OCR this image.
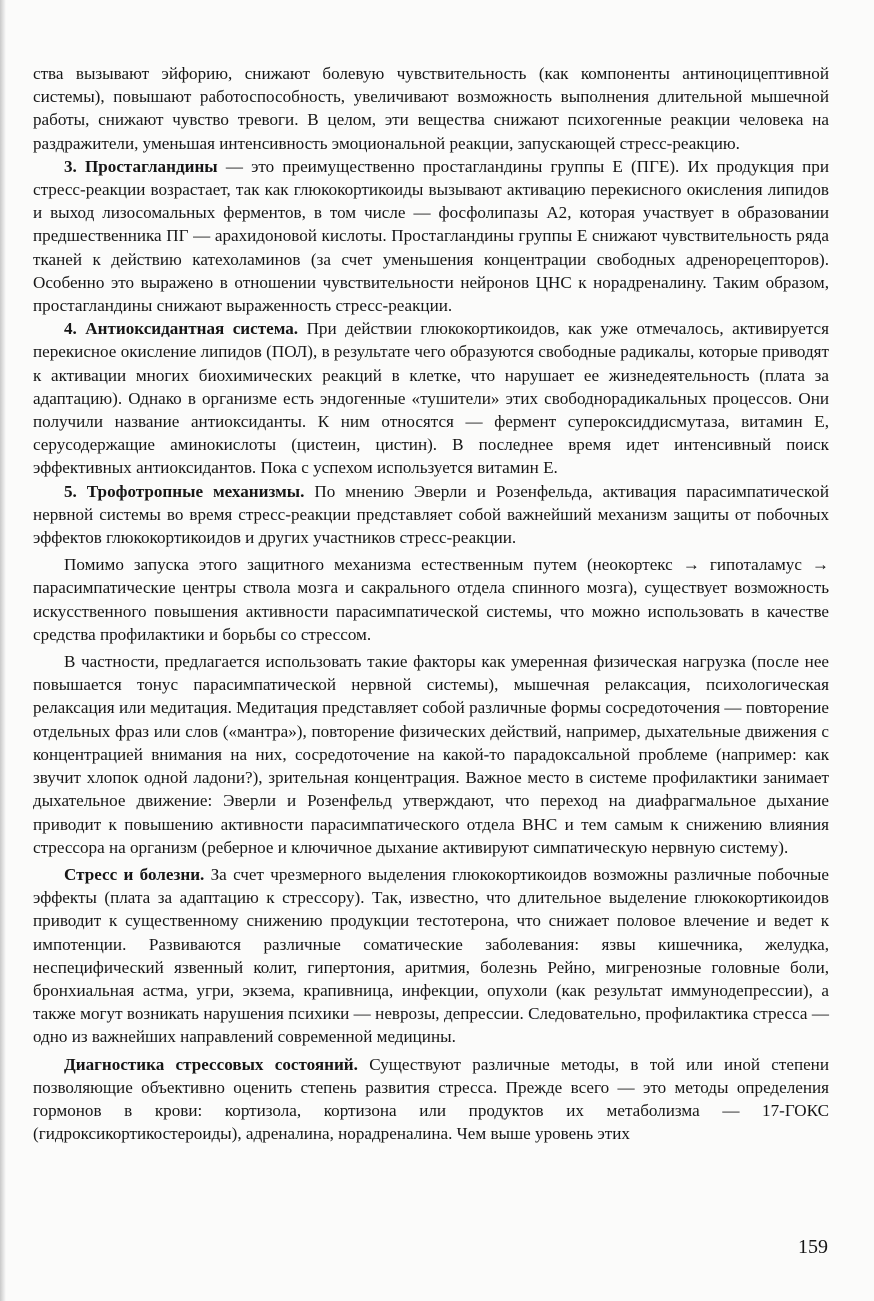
ства вызывают эйфорию, снижают болевую чувствительность (как компоненты антиноцицептивной системы), повышают работоспособность, увеличивают возможность выполнения длительной мышечной работы, снижают чувство тревоги. В целом, эти вещества снижают психогенные реакции человека на раздражители, уменьшая интенсивность эмоциональной реакции, запускающей стресс-реакцию.

3. Простагландины — это преимущественно простагландины группы Е (ПГЕ). Их продукция при стресс-реакции возрастает, так как глюкокортикоиды вызывают активацию перекисного окисления липидов и выход лизосомальных ферментов, в том числе — фосфолипазы А2, которая участвует в образовании предшественника ПГ — арахидоновой кислоты. Простагландины группы Е снижают чувствительность ряда тканей к действию катехоламинов (за счет уменьшения концентрации свободных адренорецепторов). Особенно это выражено в отношении чувствительности нейронов ЦНС к норадреналину. Таким образом, простагландины снижают выраженность стресс-реакции.

4. Антиоксидантная система. При действии глюкокортикоидов, как уже отмечалось, активируется перекисное окисление липидов (ПОЛ), в результате чего образуются свободные радикалы, которые приводят к активации многих биохимических реакций в клетке, что нарушает ее жизнедеятельность (плата за адаптацию). Однако в организме есть эндогенные «тушители» этих свободнорадикальных процессов. Они получили название антиоксиданты. К ним относятся — фермент супероксиддисмутаза, витамин Е, серусодержащие аминокислоты (цистеин, цистин). В последнее время идет интенсивный поиск эффективных антиоксидантов. Пока с успехом используется витамин Е.

5. Трофотропные механизмы. По мнению Эверли и Розенфельда, активация парасимпатической нервной системы во время стресс-реакции представляет собой важнейший механизм защиты от побочных эффектов глюкокортикоидов и других участников стресс-реакции.

Помимо запуска этого защитного механизма естественным путем (неокортекс → гипоталамус → парасимпатические центры ствола мозга и сакрального отдела спинного мозга), существует возможность искусственного повышения активности парасимпатической системы, что можно использовать в качестве средства профилактики и борьбы со стрессом.

В частности, предлагается использовать такие факторы как умеренная физическая нагрузка (после нее повышается тонус парасимпатической нервной системы), мышечная релаксация, психологическая релаксация или медитация. Медитация представляет собой различные формы сосредоточения — повторение отдельных фраз или слов («мантра»), повторение физических действий, например, дыхательные движения с концентрацией внимания на них, сосредоточение на какой-то парадоксальной проблеме (например: как звучит хлопок одной ладони?), зрительная концентрация. Важное место в системе профилактики занимает дыхательное движение: Эверли и Розенфельд утверждают, что переход на диафрагмальное дыхание приводит к повышению активности парасимпатического отдела ВНС и тем самым к снижению влияния стрессора на организм (реберное и ключичное дыхание активируют симпатическую нервную систему).

Стресс и болезни. За счет чрезмерного выделения глюкокортикоидов возможны различные побочные эффекты (плата за адаптацию к стрессору). Так, известно, что длительное выделение глюкокортикоидов приводит к существенному снижению продукции тестотерона, что снижает половое влечение и ведет к импотенции. Развиваются различные соматические заболевания: язвы кишечника, желудка, неспецифический язвенный колит, гипертония, аритмия, болезнь Рейно, мигренозные головные боли, бронхиальная астма, угри, экзема, крапивница, инфекции, опухоли (как результат иммунодепрессии), а также могут возникать нарушения психики — неврозы, депрессии. Следовательно, профилактика стресса — одно из важнейших направлений современной медицины.

Диагностика стрессовых состояний. Существуют различные методы, в той или иной степени позволяющие объективно оценить степень развития стресса. Прежде всего — это методы определения гормонов в крови: кортизола, кортизона или продуктов их метаболизма — 17-ГОКС (гидроксикортикостероиды), адреналина, норадреналина. Чем выше уровень этих

159
